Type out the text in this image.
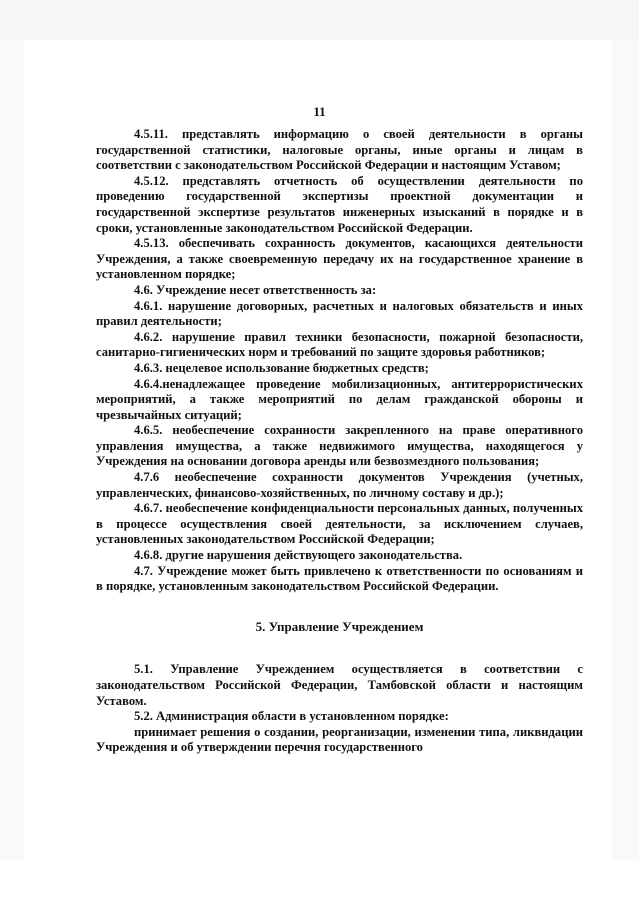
11

4.5.11. представлять информацию о своей деятельности в органы государственной статистики, налоговые органы, иные органы и лицам в соответствии с законодательством Российской Федерации и настоящим Уставом;

4.5.12. представлять отчетность об осуществлении деятельности по проведению государственной экспертизы проектной документации и государственной экспертизе результатов инженерных изысканий в порядке и в сроки, установленные законодательством Российской Федерации.

4.5.13. обеспечивать сохранность документов, касающихся деятельности Учреждения, а также своевременную передачу их на государственное хранение в установленном порядке;

4.6. Учреждение несет ответственность за:

4.6.1. нарушение договорных, расчетных и налоговых обязательств и иных правил деятельности;

4.6.2. нарушение правил техники безопасности, пожарной безопасности, санитарно-гигиенических норм и требований по защите здоровья работников;

4.6.3. нецелевое использование бюджетных средств;

4.6.4.ненадлежащее проведение мобилизационных, антитеррористических мероприятий, а также мероприятий по делам гражданской обороны и чрезвычайных ситуаций;

4.6.5. необеспечение сохранности закрепленного на праве оперативного управления имущества, а также недвижимого имущества, находящегося у Учреждения на основании договора аренды или безвозмездного пользования;

4.7.6 необеспечение сохранности документов Учреждения (учетных, управленческих, финансово-хозяйственных, по личному составу и др.);

4.6.7. необеспечение конфиденциальности персональных данных, полученных в процессе осуществления своей деятельности, за исключением случаев, установленных законодательством Российской Федерации;

4.6.8. другие нарушения действующего законодательства.

4.7. Учреждение может быть привлечено к ответственности по основаниям и в порядке, установленным законодательством Российской Федерации.

5. Управление Учреждением

5.1. Управление Учреждением осуществляется в соответствии с законодательством Российской Федерации, Тамбовской области и настоящим Уставом.

5.2. Администрация области в установленном порядке:

принимает решения о создании, реорганизации, изменении типа, ликвидации Учреждения и об утверждении перечня государственного
